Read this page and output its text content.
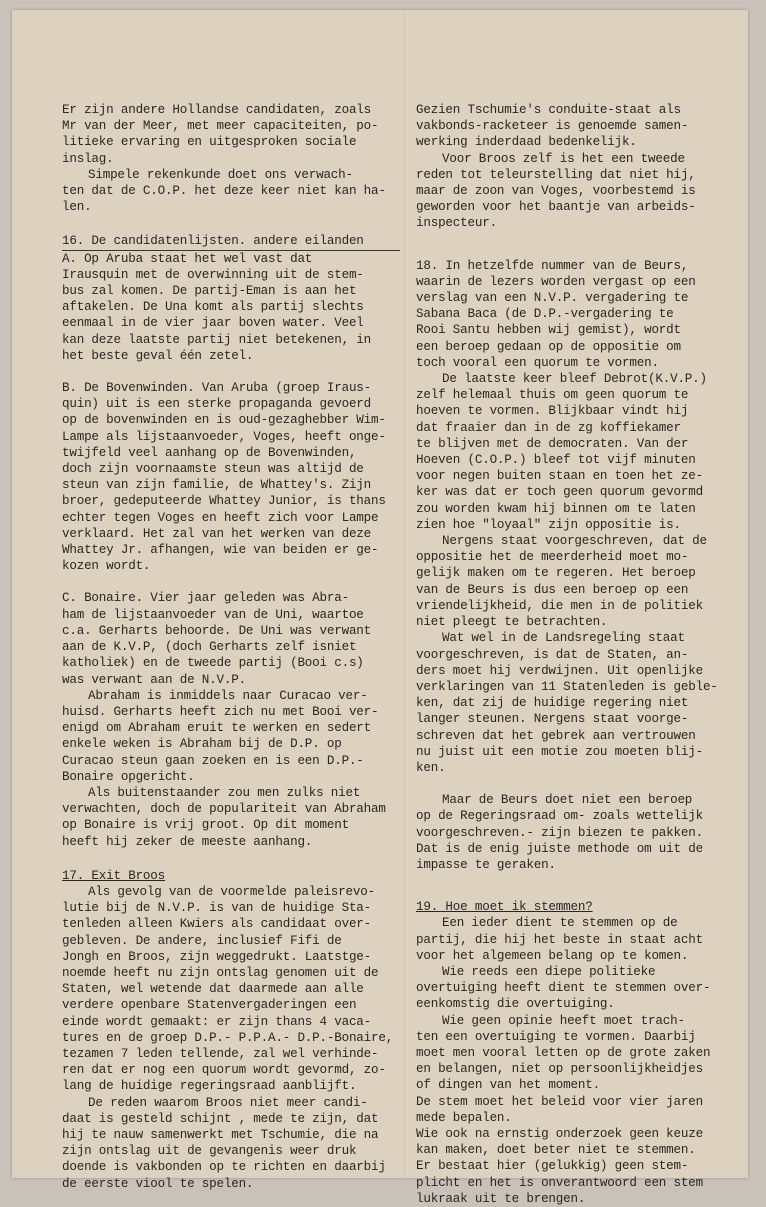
Er zijn andere Hollandse candidaten, zoals
Mr van der Meer, met meer capaciteiten, po-
litieke ervaring en uitgesproken sociale
inslag.

Simpele rekenkunde doet ons verwach-
ten dat de C.O.P. het deze keer niet kan ha-
len.

16. De candidatenlijsten. andere eilanden

A. Op Aruba staat het wel vast dat
Irausquin met de overwinning uit de stem-
bus zal komen. De partij-Eman is aan het
aftakelen. De Una komt als partij slechts
eenmaal in de vier jaar boven water. Veel
kan deze laatste partij niet betekenen, in
het beste geval één zetel.

B. De Bovenwinden. Van Aruba (groep Iraus-
quin) uit is een sterke propaganda gevoerd
op de bovenwinden en is oud-gezaghebber Wim-
Lampe als lijstaanvoeder, Voges, heeft onge-
twijfeld veel aanhang op de Bovenwinden,
doch zijn voornaamste steun was altijd de
steun van zijn familie, de Whattey's. Zijn
broer, gedeputeerde Whattey Junior, is thans
echter tegen Voges en heeft zich voor Lampe
verklaard. Het zal van het werken van deze
Whattey Jr. afhangen, wie van beiden er ge-
kozen wordt.

C. Bonaire. Vier jaar geleden was Abra-
ham de lijstaanvoeder van de Uni, waartoe
c.a. Gerharts behoorde. De Uni was verwant
aan de K.V.P, (doch Gerharts zelf isniet
katholiek) en de tweede partij (Booi c.s)
was verwant aan de N.V.P.

Abraham is inmiddels naar Curacao ver-
huisd. Gerharts heeft zich nu met Booi ver-
enigd om Abraham eruit te werken en sedert
enkele weken is Abraham bij de D.P. op
Curacao steun gaan zoeken en is een D.P.-
Bonaire opgericht.

Als buitenstaander zou men zulks niet
verwachten, doch de populariteit van Abraham
op Bonaire is vrij groot. Op dit moment
heeft hij zeker de meeste aanhang.

17. Exit Broos

Als gevolg van de voormelde paleisrevo-
lutie bij de N.V.P. is van de huidige Sta-
tenleden alleen Kwiers als candidaat over-
gebleven. De andere, inclusief Fifi de
Jongh en Broos, zijn weggedrukt. Laatstge-
noemde heeft nu zijn ontslag genomen uit de
Staten, wel wetende dat daarmede aan alle
verdere openbare Statenvergaderingen een
einde wordt gemaakt: er zijn thans 4 vaca-
tures en de groep D.P.- P.P.A.- D.P.-Bonaire,
tezamen 7 leden tellende, zal wel verhinde-
ren dat er nog een quorum wordt gevormd, zo-
lang de huidige regeringsraad aanblijft.

De reden waarom Broos niet meer candi-
daat is gesteld schijnt , mede te zijn, dat
hij te nauw samenwerkt met Tschumie, die na
zijn ontslag uit de gevangenis weer druk
doende is vakbonden op te richten en daarbij
de eerste viool te spelen.

Gezien Tschumie's conduite-staat als
vakbonds-racketeer is genoemde samen-
werking inderdaad bedenkelijk.

Voor Broos zelf is het een tweede
reden tot teleurstelling dat niet hij,
maar de zoon van Voges, voorbestemd is
geworden voor het baantje van arbeids-
inspecteur.

18. In hetzelfde nummer van de Beurs,
waarin de lezers worden vergast op een
verslag van een N.V.P. vergadering te
Sabana Baca (de D.P.-vergadering te
Rooi Santu hebben wij gemist), wordt
een beroep gedaan op de oppositie om
toch vooral een quorum te vormen.

De laatste keer bleef Debrot(K.V.P.)
zelf helemaal thuis om geen quorum te
hoeven te vormen. Blijkbaar vindt hij
dat fraaier dan in de zg koffiekamer
te blijven met de democraten. Van der
Hoeven (C.O.P.) bleef tot vijf minuten
voor negen buiten staan en toen het ze-
ker was dat er toch geen quorum gevormd
zou worden kwam hij binnen om te laten
zien hoe "loyaal" zijn oppositie is.

Nergens staat voorgeschreven, dat de
oppositie het de meerderheid moet mo-
gelijk maken om te regeren. Het beroep
van de Beurs is dus een beroep op een
vriendelijkheid, die men in de politiek
niet pleegt te betrachten.

Wat wel in de Landsregeling staat
voorgeschreven, is dat de Staten, an-
ders moet hij verdwijnen. Uit openlijke
verklaringen van 11 Statenleden is geble-
ken, dat zij de huidige regering niet
langer steunen. Nergens staat voorge-
schreven dat het gebrek aan vertrouwen
nu juist uit een motie zou moeten blij-
ken.

Maar de Beurs doet niet een beroep
op de Regeringsraad om- zoals wettelijk
voorgeschreven.- zijn biezen te pakken.
Dat is de enig juiste methode om uit de
impasse te geraken.

19. Hoe moet ik stemmen?

Een ieder dient te stemmen op de
partij, die hij het beste in staat acht
voor het algemeen belang op te komen.

Wie reeds een diepe politieke
overtuiging heeft dient te stemmen over-
eenkomstig die overtuiging.

Wie geen opinie heeft moet trach-
ten een overtuiging te vormen. Daarbij
moet men vooral letten op de grote zaken
en belangen, niet op persoonlijkheidjes
of dingen van het moment.
De stem moet het beleid voor vier jaren
mede bepalen.
Wie ook na ernstig onderzoek geen keuze
kan maken, doet beter niet te stemmen.
Er bestaat hier (gelukkig) geen stem-
plicht en het is onverantwoord een stem
lukraak uit te brengen.
